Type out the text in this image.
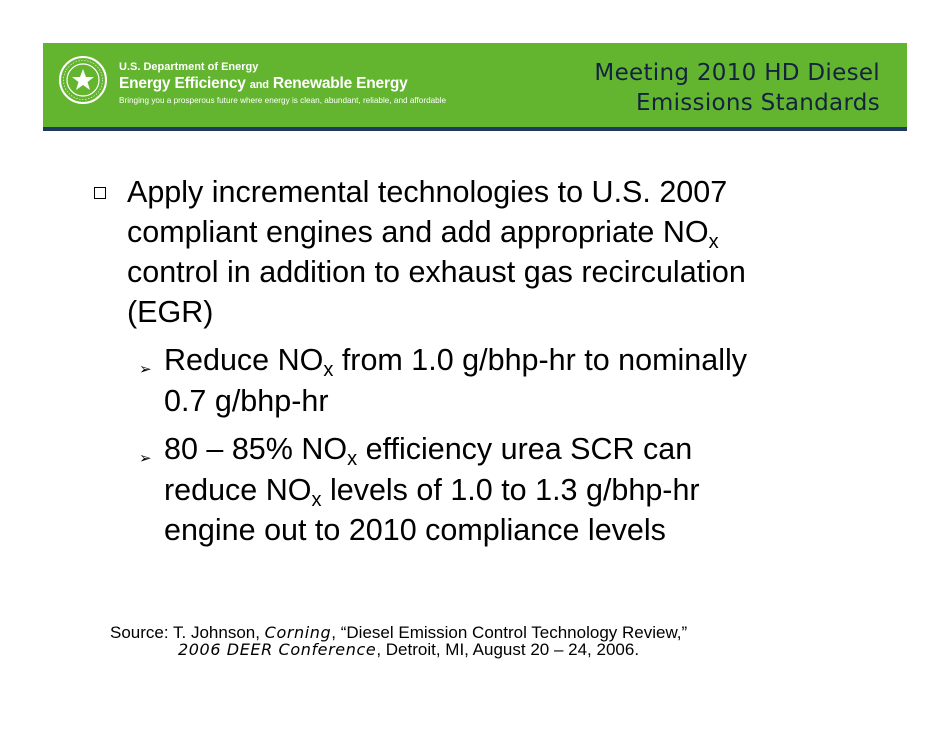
U.S. Department of Energy
Energy Efficiency and Renewable Energy
Bringing you a prosperous future where energy is clean, abundant, reliable, and affordable
Meeting 2010 HD Diesel
Emissions Standards
Apply incremental technologies to U.S. 2007
compliant engines and add appropriate $NO_x$
control in addition to exhaust gas recirculation
(EGR)
➢ Reduce $NO_x$ from 1.0 g/bhp-hr to nominally
0.7 g/bhp-hr
➢ 80 – 85% $NO_x$ efficiency urea SCR can
reduce $NO_x$ levels of 1.0 to 1.3 g/bhp-hr
engine out to 2010 compliance levels
Source: T. Johnson, Corning, “Diesel Emission Control Technology Review,”
2006 DEER Conference, Detroit, MI, August 20 – 24, 2006.
